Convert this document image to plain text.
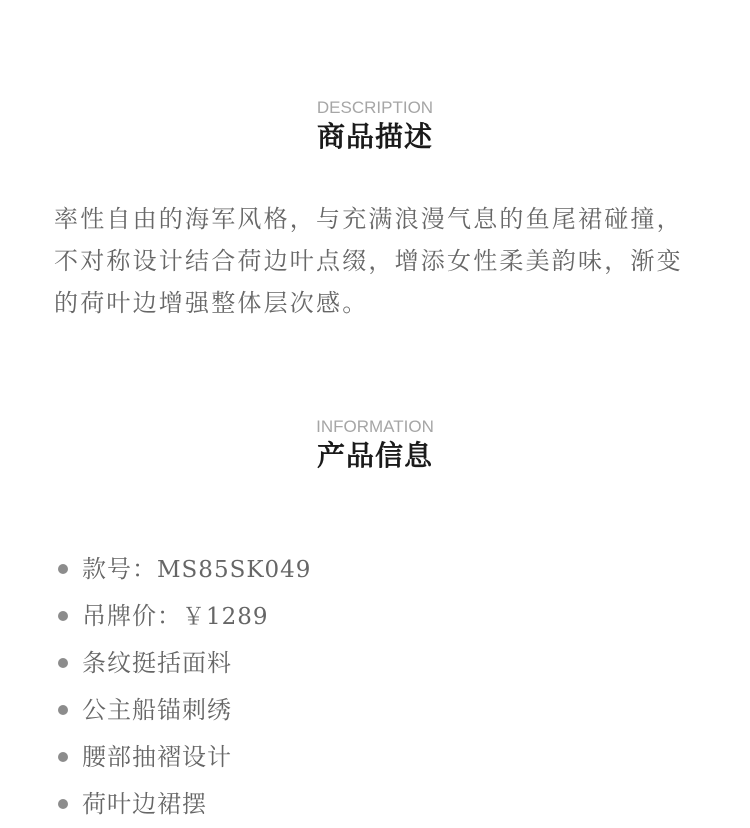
DESCRIPTION
商品描述

率性自由的海军风格，与充满浪漫气息的鱼尾裙碰撞，不对称设计结合荷边叶点缀，增添女性柔美韵味，渐变的荷叶边增强整体层次感。

INFORMATION
产品信息
款号：MS85SK049
吊牌价：￥1289
条纹挺括面料
公主船锚刺绣
腰部抽褶设计
荷叶边裙摆
